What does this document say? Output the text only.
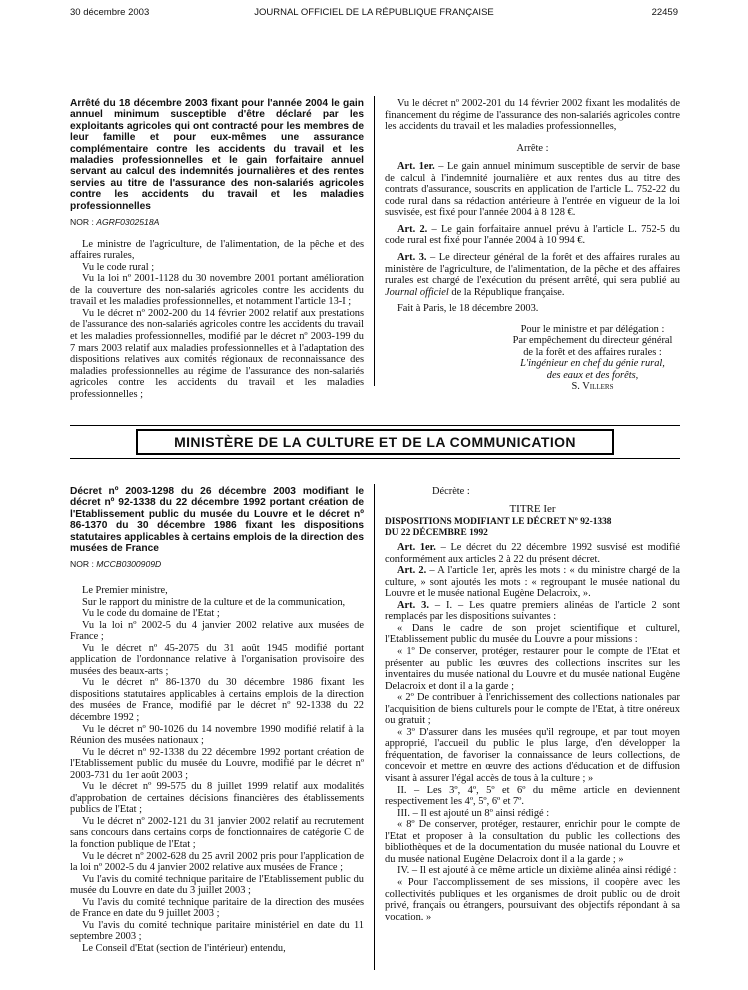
30 décembre 2003	JOURNAL OFFICIEL DE LA RÉPUBLIQUE FRANÇAISE	22459

Arrêté du 18 décembre 2003 fixant pour l'année 2004 le gain annuel minimum susceptible d'être déclaré par les exploitants agricoles qui ont contracté pour les membres de leur famille et pour eux-mêmes une assurance complémentaire contre les accidents du travail et les maladies professionnelles et le gain forfaitaire annuel servant au calcul des indemnités journalières et des rentes servies au titre de l'assurance des non-salariés agricoles contre les accidents du travail et les maladies professionnelles

NOR : AGRF0302518A

Le ministre de l'agriculture, de l'alimentation, de la pêche et des affaires rurales,

Vu le code rural ;

Vu la loi nº 2001-1128 du 30 novembre 2001 portant amélioration de la couverture des non-salariés agricoles contre les accidents du travail et les maladies professionnelles, et notamment l'article 13-I ;

Vu le décret nº 2002-200 du 14 février 2002 relatif aux prestations de l'assurance des non-salariés agricoles contre les accidents du travail et les maladies professionnelles, modifié par le décret nº 2003-199 du 7 mars 2003 relatif aux maladies professionnelles et à l'adaptation des dispositions relatives aux comités régionaux de reconnaissance des maladies professionnelles au régime de l'assurance des non-salariés agricoles contre les accidents du travail et les maladies professionnelles ;

Vu le décret nº 2002-201 du 14 février 2002 fixant les modalités de financement du régime de l'assurance des non-salariés agricoles contre les accidents du travail et les maladies professionnelles,

Arrête :

Art. 1er. – Le gain annuel minimum susceptible de servir de base de calcul à l'indemnité journalière et aux rentes dus au titre des contrats d'assurance, souscrits en application de l'article L. 752-22 du code rural dans sa rédaction antérieure à l'entrée en vigueur de la loi susvisée, est fixé pour l'année 2004 à 8 128 €.

Art. 2. – Le gain forfaitaire annuel prévu à l'article L. 752-5 du code rural est fixé pour l'année 2004 à 10 994 €.

Art. 3. – Le directeur général de la forêt et des affaires rurales au ministère de l'agriculture, de l'alimentation, de la pêche et des affaires rurales est chargé de l'exécution du présent arrêté, qui sera publié au Journal officiel de la République française.

Fait à Paris, le 18 décembre 2003.

Pour le ministre et par délégation :
Par empêchement du directeur général
de la forêt et des affaires rurales :
L'ingénieur en chef du génie rural,
des eaux et des forêts,
S. Villers
MINISTÈRE DE LA CULTURE ET DE LA COMMUNICATION

Décret nº 2003-1298 du 26 décembre 2003 modifiant le décret nº 92-1338 du 22 décembre 1992 portant création de l'Etablissement public du musée du Louvre et le décret nº 86-1370 du 30 décembre 1986 fixant les dispositions statutaires applicables à certains emplois de la direction des musées de France

NOR : MCCB0300909D

Le Premier ministre,

Sur le rapport du ministre de la culture et de la communication,

Vu le code du domaine de l'Etat ;

Vu la loi nº 2002-5 du 4 janvier 2002 relative aux musées de France ;

Vu le décret nº 45-2075 du 31 août 1945 modifié portant application de l'ordonnance relative à l'organisation provisoire des musées des beaux-arts ;

Vu le décret nº 86-1370 du 30 décembre 1986 fixant les dispositions statutaires applicables à certains emplois de la direction des musées de France, modifié par le décret nº 92-1338 du 22 décembre 1992 ;

Vu le décret nº 90-1026 du 14 novembre 1990 modifié relatif à la Réunion des musées nationaux ;

Vu le décret nº 92-1338 du 22 décembre 1992 portant création de l'Etablissement public du musée du Louvre, modifié par le décret nº 2003-731 du 1er août 2003 ;

Vu le décret nº 99-575 du 8 juillet 1999 relatif aux modalités d'approbation de certaines décisions financières des établissements publics de l'Etat ;

Vu le décret nº 2002-121 du 31 janvier 2002 relatif au recrutement sans concours dans certains corps de fonctionnaires de catégorie C de la fonction publique de l'Etat ;

Vu le décret nº 2002-628 du 25 avril 2002 pris pour l'application de la loi nº 2002-5 du 4 janvier 2002 relative aux musées de France ;

Vu l'avis du comité technique paritaire de l'Etablissement public du musée du Louvre en date du 3 juillet 2003 ;

Vu l'avis du comité technique paritaire de la direction des musées de France en date du 9 juillet 2003 ;

Vu l'avis du comité technique paritaire ministériel en date du 11 septembre 2003 ;

Le Conseil d'Etat (section de l'intérieur) entendu,

Décrète :

TITRE Ier

DISPOSITIONS MODIFIANT LE DÉCRET Nº 92-1338

DU 22 DÉCEMBRE 1992

Art. 1er. – Le décret du 22 décembre 1992 susvisé est modifié conformément aux articles 2 à 22 du présent décret.

Art. 2. – A l'article 1er, après les mots : « du ministre chargé de la culture, » sont ajoutés les mots : « regroupant le musée national du Louvre et le musée national Eugène Delacroix, ».

Art. 3. – I. – Les quatre premiers alinéas de l'article 2 sont remplacés par les dispositions suivantes :

« Dans le cadre de son projet scientifique et culturel, l'Etablissement public du musée du Louvre a pour missions :

« 1º De conserver, protéger, restaurer pour le compte de l'Etat et présenter au public les œuvres des collections inscrites sur les inventaires du musée national du Louvre et du musée national Eugène Delacroix et dont il a la garde ;

« 2º De contribuer à l'enrichissement des collections nationales par l'acquisition de biens culturels pour le compte de l'Etat, à titre onéreux ou gratuit ;

« 3º D'assurer dans les musées qu'il regroupe, et par tout moyen approprié, l'accueil du public le plus large, d'en développer la fréquentation, de favoriser la connaissance de leurs collections, de concevoir et mettre en œuvre des actions d'éducation et de diffusion visant à assurer l'égal accès de tous à la culture ; »

II. – Les 3º, 4º, 5º et 6º du même article en deviennent respectivement les 4º, 5º, 6º et 7º.

III. – Il est ajouté un 8º ainsi rédigé :

« 8º De conserver, protéger, restaurer, enrichir pour le compte de l'Etat et proposer à la consultation du public les collections des bibliothèques et de la documentation du musée national du Louvre et du musée national Eugène Delacroix dont il a la garde ; »

IV. – Il est ajouté à ce même article un dixième alinéa ainsi rédigé :

« Pour l'accomplissement de ses missions, il coopère avec les collectivités publiques et les organismes de droit public ou de droit privé, français ou étrangers, poursuivant des objectifs répondant à sa vocation. »
